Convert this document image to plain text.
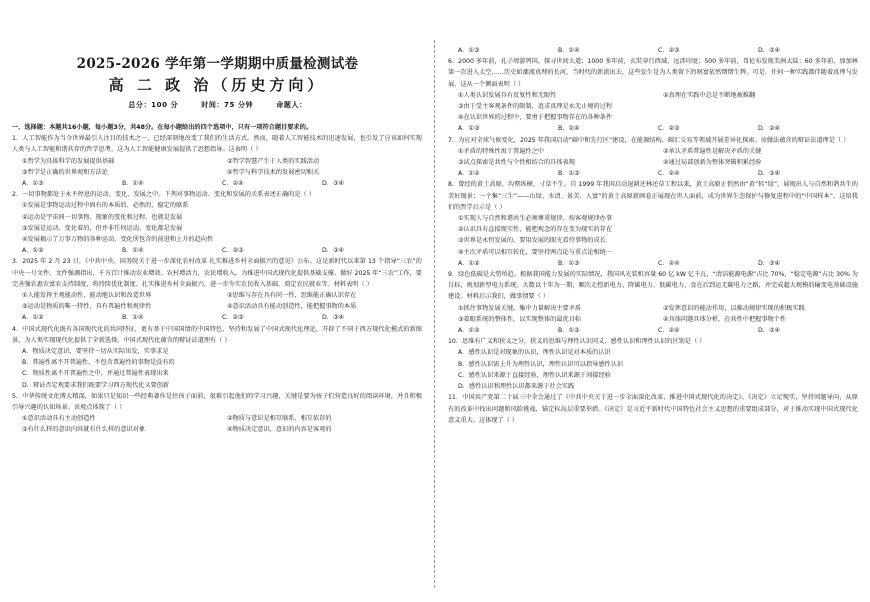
2025-2026 学年第一学期期中质量检测试卷
高 二 政 治（历史方向）
总分：100 分	时间：75 分钟	命题人：

一、选择题：本题共16小题，每小题3分，共48分。在每小题给出的四个选项中，只有一项符合题目要求的。

1．人工智能作为当今世界最引人注目的技术之一，已经深刻地改变了我们的生活方式。然而，随着人工智能技术的迅速发展，也引发了应该如何实现人类与人工智能和谐共存的哲学思考，这为人工智能健康发展提供了思想指导。这表明（ ）

①哲学为具体科学的发展提供基础	②哲学智慧产生于人类的实践活动
③哲学是正确的世界观和方法论	④哲学与科学技术的发展密切相关
A．①③	B．①④	C．②④	D．③④

2．一切事物都处于永不停息的运动、变化、发展之中。下列对事物运动、变化和发展的关系表述正确的是（ ）

①发展是事物运动过程中固有的本质的、必然的、稳定的联系

②运动是宇宙间一切事物、现象的变化和过程，也就是发展

③发展是运动、变化着的，但并非任何运动、变化都是发展

④发展揭示了万事万物的各种运动、变化所包含的前进和上升的趋向性

A．①②	B．①④	C．②③	D．③④

3．2025 年 2 月 23 日，《中共中央、国务院关于进一步深化农村改革 扎实推进乡村全面振兴的意见》公布。这是新时代以来第 13 个指导“三农”的中央一号文件。文件强调指出，千方百计推动农业增效、农村增活力，农民增收入，为推进中国式现代化提供基础支撑。做好 2025 年“三农”工作，要完善强农惠农富农支持制度，将持续优化制度、扎实推进乡村全面振兴，进一步夯实农民收入基础，奠定农民就业等。材料表明（ ）

①人能发挥主观能动性，能动地认识和改造世界	②思维与存在具有同一性，思维能正确认识存在
③运动是物质的唯一特性，具有普遍性和规律性	④意识活动具有能动创造性，能把握事物的本质
A．①②	B．①④	C．②③	D．③④

4．中国式现代化既有各国现代化的共同特征，更有基于中国国情的中国特色，坚持和发展了中国式现代化理论，开辟了不同于西方现代化模式的新图景，为人类实现现代化提供了全新选择。中国式现代化蕴含的辩证法道理有（ ）

A．物质决定意识，要坚持一切从实际出发，实事求是

B．普遍性离不开普遍性，不包含普遍性的事物是没有的

C．物质性离不开普遍性之中，并通过普遍性表现出来

D．辩证否定观要求我们既要学习西方现代化又要创新

5．中华传统文化博大精深，如果只是知识一些经典著作是往孩子面前，很难引起他们的学习兴趣，关键是要为孩子们营造良好的阅读环境，并且积极引导兴趣的认知场景。该观点体现了（ ）

①意识活动具有主动创造性	②物质与意识是相互联系、相互依存的
③有什么样的意识内容就有什么样的意识对象	④物质决定意识，意识的内容是客观的
A．①③	B．①④	C．②③	D．③④

6．2000 多年前，孔子周游列国，探寻世间大道；1000 多年前，玄奘穿行西域，远涉印度；500 多年前，哥伦布发现美洲大陆；60 多年前，加加林第一次进入太空……历史如潮流真理的长河，当时代的新流出去，这些发生是为人类留下的财富依然熠熠生辉。可是，任何一种实践都伴随着真理与发展，这从一个侧面表明（ ）

①人类认识发展具有反复性和无限性	②真理在实践中总是不断地被推翻

③由于受主客观条件的限制，追求真理是永无止境的过程

④在认识世界的过程中，要勇于把握事物存在的各种条件

A．①③	B．①④	C．②③	D．②④

7．为应对全球气候变化，2025 年我国启动“碳中和先行区”建设，在能源结构、碳汇交易等领域开展差异化探索。该做法蕴含的辩证法道理是（ ）

①矛盾的特殊性寓于普遍性之中	②承认矛盾普遍性是解决矛盾的关键
③试点探索是共性与个性相结合的具体表现	④通过局部创新为整体突破积累经验
A．①②	B．①③	C．②④	D．③④

8．曾经的黄土高原，沟壑纵横、寸草不生。自 1999 年我国启动退耕还林还草工程以来，黄土高原正悄然由“黄”转“绿”，展现出人与自然和谐共生的美好图景；一个集“三生”——山绿、水清、景美、人富”的黄土高原新画卷正展现在世人面前，成为世界生态保护与修复进程中的“中国样本”。这给我们的哲学启示是（ ）

①实现人与自然和谐共生必须尊重规律、按客观规律办事

②认识具有直接现实性，能把观念的存在变为现实的存在

③世界是永恒发展的，要用发展的眼光看待事物的成长

④主次矛盾可以相互转化，要坚持两点论与重点论相统一

A．①②	B．①③	C．②④	D．③④

9．绿色低碳是大势所趋。根据我国能力发展的实际情况，我国风光装机容量 60 亿 kW 亿千瓦，“清洁能源电源”占比 70%，“稳定电源”占比 30% 为目标，规划新型电力系统。大数以十年为一期，顺次走控新电力、降碳电力、低碳电力，食在后到运无碳电力之路，并完成超大规模的输变电基础设施建设。材料启示我们，做事情要（ ）

①抓住事物发展关键，集中力量解决主要矛盾	②发挥意识的能动作用，以推动规律实现的积极实践
③着眼系统的整体性，以实现整体的最优目标	④具体问题具体分析，在共性中把握事物个性
A．①②	B．①③	C．②④	D．③④

10．思维有广义和狭义之分，狭义的思维与理性认识同义，感性认识和理性认识的区别是（ ）

A．感性认识是对现象的认识，理性认识是对本质的认识

B．感性认识需上升为理性认识，理性认识可以指导感性认识

C．感性认识来源于直接经验，理性认识来源于间接经验

D．感性认识和理性认识都来源于社会实践

11．中国共产党第二十届三中全会通过了《中共中央关于进一步全面深化改革、推进中国式现代化的决定》。《决定》立足现实，坚持问题导向，从原有的改革中找出问题和风险挑战，锚定标高层重要举措。《决定》是习近平新时代中国特色社会主义思想的重要组成部分，对于推动实现中国式现代化意义重大。这体现了（ ）
